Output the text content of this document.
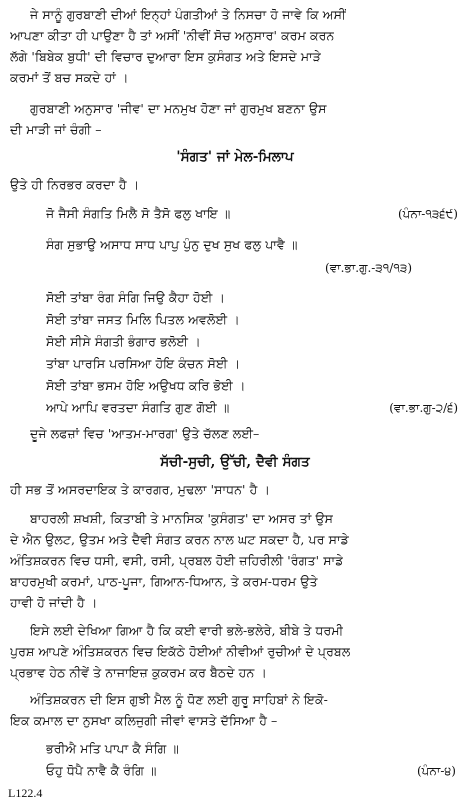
ਜੇ ਸਾਨੂੰ ਗੁਰਬਾਣੀ ਦੀਆਂ ਇਨ੍ਹਾਂ ਪੰਗਤੀਆਂ ਤੇ ਨਿਸਚਾ ਹੋ ਜਾਵੇ ਕਿ ਅਸੀਂ
ਆਪਣਾ ਕੀਤਾ ਹੀ ਪਾਉਣਾ ਹੈ ਤਾਂ ਅਸੀਂ 'ਨੀਵੀਂ ਸੋਚ ਅਨੁਸਾਰ' ਕਰਮ ਕਰਨ
ਲੱਗੇ 'ਬਿਬੇਕ ਬੁਧੀ' ਦੀ ਵਿਚਾਰ ਦੁਆਰਾ ਇਸ ਕੁਸੰਗਤ ਅਤੇ ਇਸਦੇ ਮਾੜੇ
ਕਰਮਾਂ ਤੋਂ ਬਚ ਸਕਦੇ ਹਾਂ ।
ਗੁਰਬਾਣੀ ਅਨੁਸਾਰ 'ਜੀਵ' ਦਾ ਮਨਮੁਖ ਹੋਣਾ ਜਾਂ ਗੁਰਮੁਖ ਬਣਨਾ ਉਸ
ਦੀ ਮਾੜੀ ਜਾਂ ਚੰਗੀ –
'ਸੰਗਤ' ਜਾਂ ਮੇਲ-ਮਿਲਾਪ
ਉਤੇ ਹੀ ਨਿਰਭਰ ਕਰਦਾ ਹੈ ।
ਜੋ ਜੈਸੀ ਸੰਗਤਿ ਮਿਲੈ ਸੋ ਤੈਸੋ ਫਲੁ ਖਾਇ ॥	(ਪੰਨਾ-੧੩੬੯)
ਸੰਗ ਸੁਭਾਉ ਅਸਾਧ ਸਾਧ ਪਾਪੁ ਪੁੰਨੁ ਦੁਖ ਸੁਖ ਫਲੁ ਪਾਵੈ ॥
(ਵਾ.ਭਾ.ਗੁ.-੩੧/੧੩)
ਸੋਈ ਤਾਂਬਾ ਰੰਗ ਸੰਗਿ ਜਿਉ ਕੈਹਾ ਹੋਈ ।
ਸੋਈ ਤਾਂਬਾ ਜਸਤ ਮਿਲਿ ਪਿਤਲ ਅਵਲੋਈ ।
ਸੋਈ ਸੀਸੇ ਸੰਗਤੀ ਭੰਗਾਰ ਭਲੋਈ ।
ਤਾਂਬਾ ਪਾਰਸਿ ਪਰਸਿਆ ਹੋਇ ਕੰਚਨ ਸੋਈ ।
ਸੋਈ ਤਾਂਬਾ ਭਸਮ ਹੋਇ ਅਉਖਧ ਕਰਿ ਭੋਈ ।
ਆਪੇ ਆਪਿ ਵਰਤਦਾ ਸੰਗਤਿ ਗੁਣ ਗੋਈ ॥	(ਵਾ.ਭਾ.ਗੁ-੨/੬)
ਦੂਜੇ ਲਫਜ਼ਾਂ ਵਿਚ 'ਆਤਮ-ਮਾਰਗ' ਉਤੇ ਚੱਲਣ ਲਈ–
ਸੱਚੀ-ਸੁਚੀ, ਉੱਚੀ, ਦੈਵੀ ਸੰਗਤ
ਹੀ ਸਭ ਤੋਂ ਅਸਰਦਾਇਕ ਤੇ ਕਾਰਗਰ, ਮੁਢਲਾ 'ਸਾਧਨ' ਹੈ ।
ਬਾਹਰਲੀ ਸ਼ਖਸ਼ੀ, ਕਿਤਾਬੀ ਤੇ ਮਾਨਸਿਕ 'ਕੁਸੰਗਤ' ਦਾ ਅਸਰ ਤਾਂ ਉਸ
ਦੇ ਐਨ ਉਲਟ, ਉਤਮ ਅਤੇ ਦੈਵੀ ਸੰਗਤ ਕਰਨ ਨਾਲ ਘਟ ਸਕਦਾ ਹੈ, ਪਰ ਸਾਡੇ
ਅੰਤਿਸ਼ਕਰਨ ਵਿਚ ਧਸੀ, ਵਸੀ, ਰਸੀ, ਪ੍ਰਬਲ ਹੋਈ ਜ਼ਹਿਰੀਲੀ 'ਰੰਗਤ' ਸਾਡੇ
ਬਾਹਰਮੁਖੀ ਕਰਮਾਂ, ਪਾਠ-ਪੂਜਾ, ਗਿਆਨ-ਧਿਆਨ, ਤੇ ਕਰਮ-ਧਰਮ ਉਤੇ
ਹਾਵੀ ਹੋ ਜਾਂਦੀ ਹੈ ।
ਇਸੇ ਲਈ ਦੇਖਿਆ ਗਿਆ ਹੈ ਕਿ ਕਈ ਵਾਰੀ ਭਲੇ-ਭਲੇਰੇ, ਬੀਬੇ ਤੇ ਧਰਮੀ
ਪੁਰਸ਼ ਆਪਣੇ ਅੰਤਿਸ਼ਕਰਨ ਵਿਚ ਇਕੱਠੇ ਹੋਈਆਂ ਨੀਵੀਆਂ ਰੁਚੀਆਂ ਦੇ ਪ੍ਰਬਲ
ਪ੍ਰਭਾਵ ਹੇਠ ਨੀਵੇਂ ਤੇ ਨਾਜਾਇਜ਼ ਕੁਕਰਮ ਕਰ ਬੈਠਦੇ ਹਨ ।
ਅੰਤਿਸ਼ਕਰਨ ਦੀ ਇਸ ਗੁਝੀ ਮੈਲ ਨੂੰ ਧੋਣ ਲਈ ਗੁਰੂ ਸਾਹਿਬਾਂ ਨੇ ਇਕੋ-
ਇਕ ਕਮਾਲ ਦਾ ਨੁਸਖਾ ਕਲਿਜੁਗੀ ਜੀਵਾਂ ਵਾਸਤੇ ਦੱਸਿਆ ਹੈ –
ਭਰੀਐ ਮਤਿ ਪਾਪਾ ਕੈ ਸੰਗਿ ॥
ਓਹੁ ਧੋਪੈ ਨਾਵੈ ਕੈ ਰੰਗਿ ॥	(ਪੰਨਾ-੪)
L122.4
